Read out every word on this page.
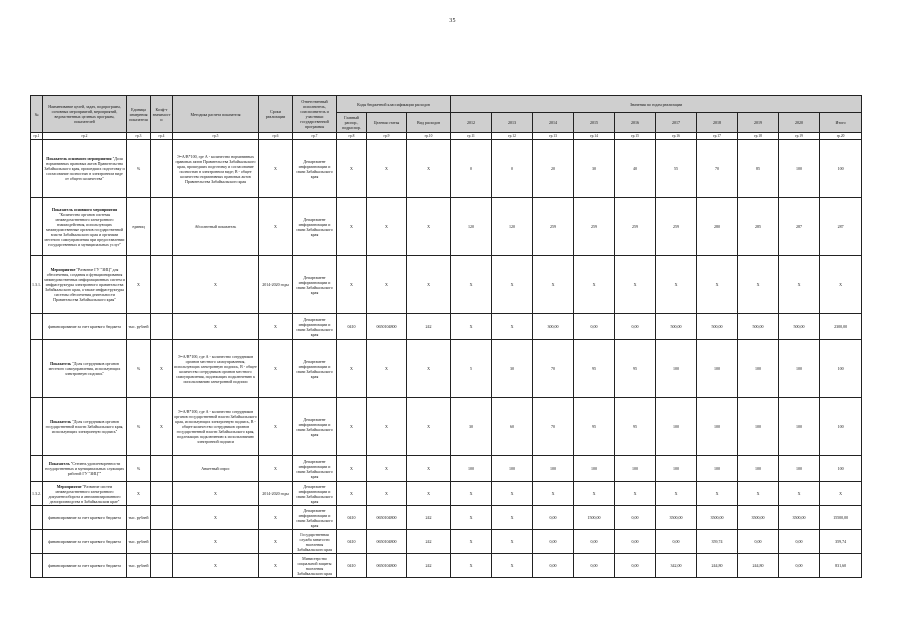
35
№	Наименование целей, задач, подпрограмм, основных мероприятий, мероприятий, ведомственных целевых программ, показателей	Единица измерения показателя	Коэф-т значимости	Методика расчета показателя	Сроки реализации	Ответственный исполнитель, соисполнитель и участники государственной программы	Коды бюджетной классификации расходов			Значения по годам реализации									
							Главный распор., подраспор.	Целевая статья	Вид расходов	2012	2013	2014	2015	2016	2017	2018	2019	2020	Итого
гр.1	гр.2	гр.3	гр.4	гр.5	гр.6	гр.7	гр.8	гр.9	гр.10	гр.11	гр.12	гр.13	гр.14	гр.15	гр.16	гр.17	гр.18	гр.19	гр.20
	Показатель основного мероприятия "Доля нормативных правовых актов Правительства Забайкальского края, прошедших подготовку и согласование полностью в электронном виде от общего количества"	%		Э=А/В*100, где А - количество нормативных правовых актов Правительства Забайкальского края, прошедших подготовку и согласование полностью в электронном виде; В - общее количество нормативных правовых актов Правительства Забайкальского края	Х	Департамент информатизации и связи Забайкальского края	Х	Х	Х	0	0	20	30	40	55	70	85	100	100
	Показатель основного мероприятия "Количество органов системы межведомственного электронного взаимодействия, использующих межведомственные органов государственной власти Забайкальского края и органами местного самоуправления при предоставлении государственных и муниципальных услуг"	единиц		Абсолютный показатель	Х	Департамент информатизации и связи Забайкальского края	Х	Х	Х	120	120	259	259	259	259	280	285	287	287
1.3.1.	Мероприятие "Развитие ГУ "ЗИЦ" для обеспечения, создания и функционирования межведомственных информационных систем и инфраструктуры электронного правительства Забайкальского края, а также инфраструктуры системы обеспечения деятельности Правительства Забайкальского края"	Х		Х	2014-2020 годы	Департамент информатизации и связи Забайкальского края	Х	Х	Х	Х	Х	Х	Х	Х	Х	Х	Х	Х	Х
	финансирование за счет краевого бюджета	тыс. рублей		Х	Х	Департамент информатизации и связи Забайкальского края	0410	0650104800	242	Х	Х	300,00	0,00	0,00	500,00	500,00	500,00	500,00	2300,00
	Показатель "Доля сотрудников органов местного самоуправления, использующих электронную подпись"	%	Х	Э=А/В*100, где А - количество сотрудников органов местного самоуправления, использующих электронную подпись, В - общее количество сотрудников органов местного самоуправления, подлежащих подключению к использованию электронной подписи	Х	Департамент информатизации и связи Забайкальского края	Х	Х	Х	5	30	70	95	95	100	100	100	100	100
	Показатель "Доля сотрудников органов государственной власти Забайкальского края, использующих электронную подпись"	%	Х	Э=А/В*100, где А - количество сотрудников органов государственной власти Забайкальского края, использующих электронную подпись, В - общее количество сотрудников органов государственной власти Забайкальского края, подлежащих подключению к использованию электронной подписи	Х	Департамент информатизации и связи Забайкальского края	Х	Х	Х	30	60	70	95	95	100	100	100	100	100
	Показатель "Степень удовлетворенности государственных и муниципальных служащих работой ГУ "ЗИЦ""	%		Анкетный опрос	Х	Департамент информатизации и связи Забайкальского края	Х	Х	Х	100	100	100	100	100	100	100	100	100	100
1.3.2.	Мероприятие "Развитие систем межведомственного электронного документооборота и автоматизированного делопроизводства в Забайкальском крае"	Х		Х	2014-2020 годы	Департамент информатизации и связи Забайкальского края	Х	Х	Х	Х	Х	Х	Х	Х	Х	Х	Х	Х	Х
	финансирование за счет краевого бюджета	тыс. рублей		Х	Х	Департамент информатизации и связи Забайкальского края	0410	0650104800	242	Х	Х	0,00	1500,00	0,00	3500,00	3500,00	3500,00	3500,00	15500,00
	финансирование за счет краевого бюджета	тыс. рублей		Х	Х	Государственная служба занятости населения Забайкальского края	0410	0650104800	242	Х	Х	0,00	0,00	0,00	0,00	359,74	0,00	0,00	359,74
	финансирование за счет краевого бюджета	тыс. рублей		Х	Х	Министерство социальной защиты населения Забайкальского края	0410	0650104800	242	Х	Х	0,00	0,00	0,00	342,00	244,80	244,80	0,00	831,60
